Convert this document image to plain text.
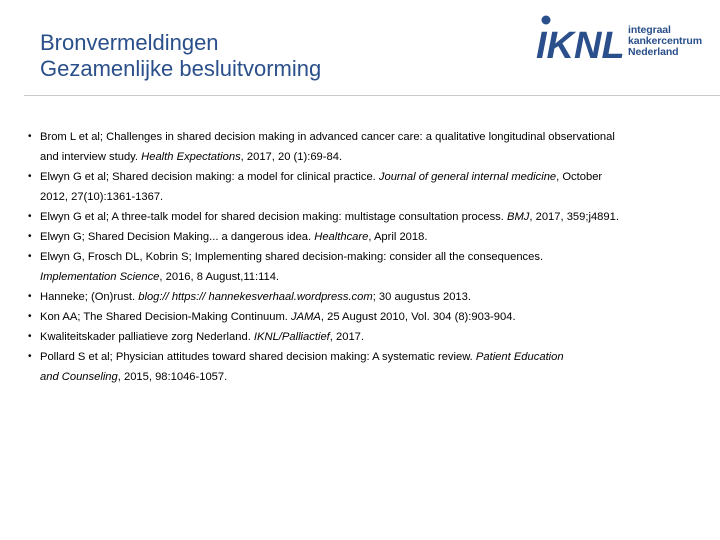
Bronvermeldingen
Gezamenlijke besluitvorming
IKNL integraal
kankercentrum
Nederland
• Brom L et al; Challenges in shared decision making in advanced cancer care: a qualitative longitudinal observational
and interview study. Health Expectations, 2017, 20 (1):69-84.
• Elwyn G et al; Shared decision making: a model for clinical practice. Journal of general internal medicine, October
2012, 27(10):1361-1367.
• Elwyn G et al; A three-talk model for shared decision making: multistage consultation process. BMJ, 2017, 359;j4891.
• Elwyn G; Shared Decision Making... a dangerous idea. Healthcare, April 2018.
• Elwyn G, Frosch DL, Kobrin S; Implementing shared decision-making: consider all the consequences.
Implementation Science, 2016, 8 August,11:114.
• Hanneke; (On)rust. blog:// https:// hannekesverhaal.wordpress.com; 30 augustus 2013.
• Kon AA; The Shared Decision-Making Continuum. JAMA, 25 August 2010, Vol. 304 (8):903-904.
• Kwaliteitskader palliatieve zorg Nederland. IKNL/Palliactief, 2017.
• Pollard S et al; Physician attitudes toward shared decision making: A systematic review. Patient Education
and Counseling, 2015, 98:1046-1057.
